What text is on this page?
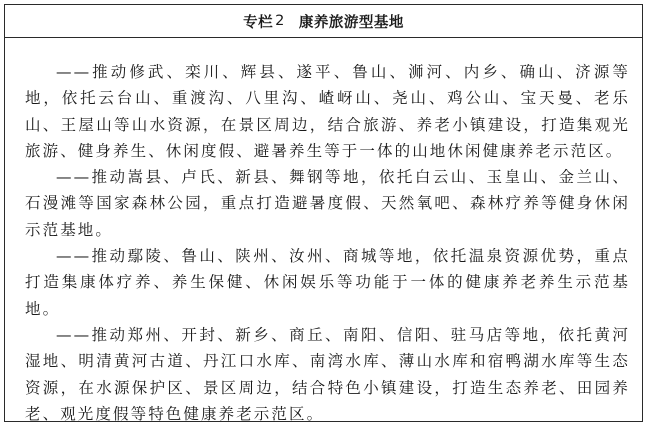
专栏 2 康养旅游型基地

——推动修武、栾川、辉县、遂平、鲁山、浉河、内乡、确山、济源等地，依托云台山、重渡沟、八里沟、嵖岈山、尧山、鸡公山、宝天曼、老乐山、王屋山等山水资源，在景区周边，结合旅游、养老小镇建设，打造集观光旅游、健身养生、休闲度假、避暑养生等于一体的山地休闲健康养老示范区。

——推动嵩县、卢氏、新县、舞钢等地，依托白云山、玉皇山、金兰山、石漫滩等国家森林公园，重点打造避暑度假、天然氧吧、森林疗养等健身休闲示范基地。

——推动鄢陵、鲁山、陕州、汝州、商城等地，依托温泉资源优势，重点打造集康体疗养、养生保健、休闲娱乐等功能于一体的健康养老养生示范基地。

——推动郑州、开封、新乡、商丘、南阳、信阳、驻马店等地，依托黄河湿地、明清黄河古道、丹江口水库、南湾水库、薄山水库和宿鸭湖水库等生态资源，在水源保护区、景区周边，结合特色小镇建设，打造生态养老、田园养老、观光度假等特色健康养老示范区。
